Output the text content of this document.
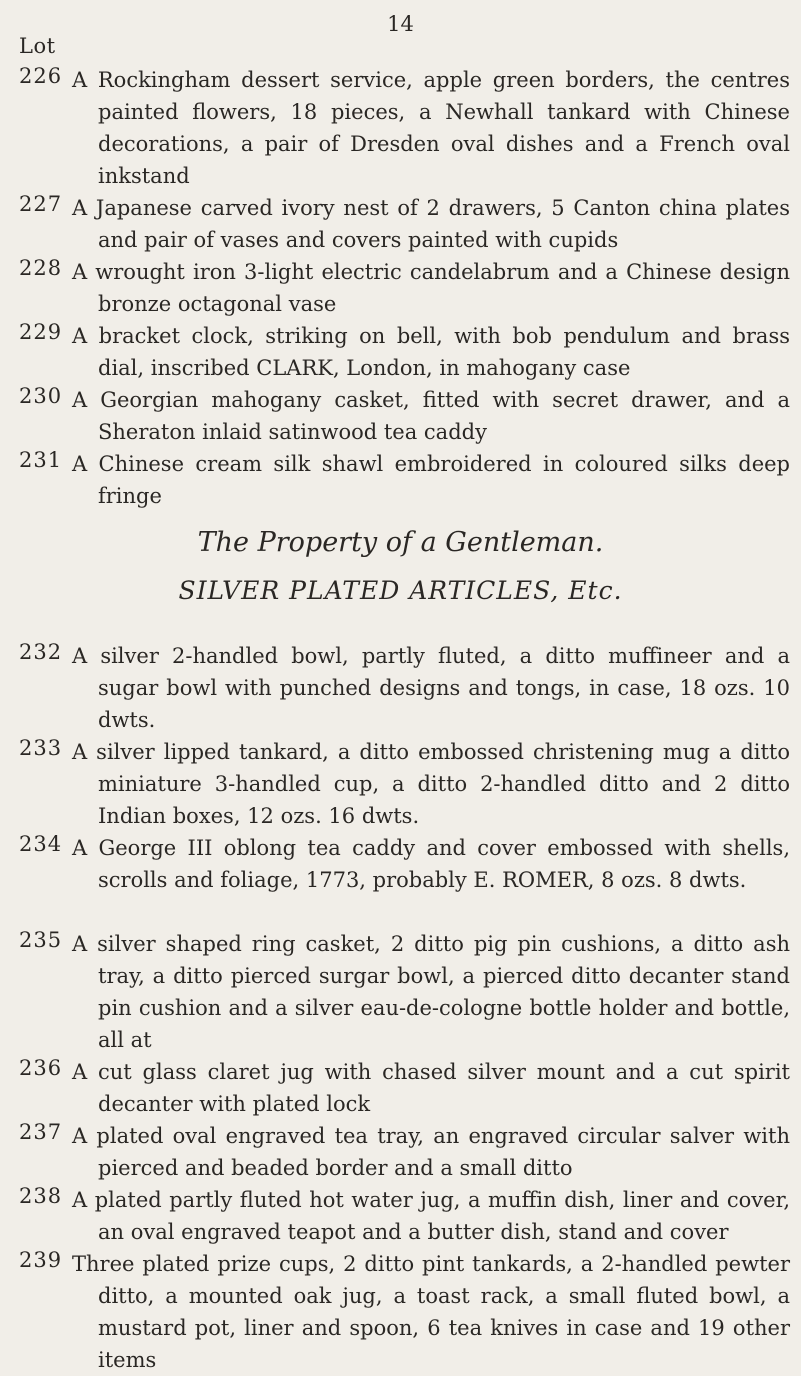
14
Lot
226 A Rockingham dessert service, apple green borders, the centres painted flowers, 18 pieces, a Newhall tankard with Chinese decorations, a pair of Dresden oval dishes and a French oval inkstand
227 A Japanese carved ivory nest of 2 drawers, 5 Canton china plates and pair of vases and covers painted with cupids
228 A wrought iron 3-light electric candelabrum and a Chinese design bronze octagonal vase
229 A bracket clock, striking on bell, with bob pendulum and brass dial, inscribed CLARK, London, in mahogany case
230 A Georgian mahogany casket, fitted with secret drawer, and a Sheraton inlaid satinwood tea caddy
231 A Chinese cream silk shawl embroidered in coloured silks deep fringe
The Property of a Gentleman.
SILVER PLATED ARTICLES, Etc.
232 A silver 2-handled bowl, partly fluted, a ditto muffineer and a sugar bowl with punched designs and tongs, in case, 18 ozs. 10 dwts.
233 A silver lipped tankard, a ditto embossed christening mug a ditto miniature 3-handled cup, a ditto 2-handled ditto and 2 ditto Indian boxes, 12 ozs. 16 dwts.
234 A George III oblong tea caddy and cover embossed with shells, scrolls and foliage, 1773, probably E. ROMER, 8 ozs. 8 dwts.
235 A silver shaped ring casket, 2 ditto pig pin cushions, a ditto ash tray, a ditto pierced surgar bowl, a pierced ditto decanter stand pin cushion and a silver eau-de-cologne bottle holder and bottle, all at
236 A cut glass claret jug with chased silver mount and a cut spirit decanter with plated lock
237 A plated oval engraved tea tray, an engraved circular salver with pierced and beaded border and a small ditto
238 A plated partly fluted hot water jug, a muffin dish, liner and cover, an oval engraved teapot and a butter dish, stand and cover
239 Three plated prize cups, 2 ditto pint tankards, a 2-handled pewter ditto, a mounted oak jug, a toast rack, a small fluted bowl, a mustard pot, liner and spoon, 6 tea knives in case and 19 other items
